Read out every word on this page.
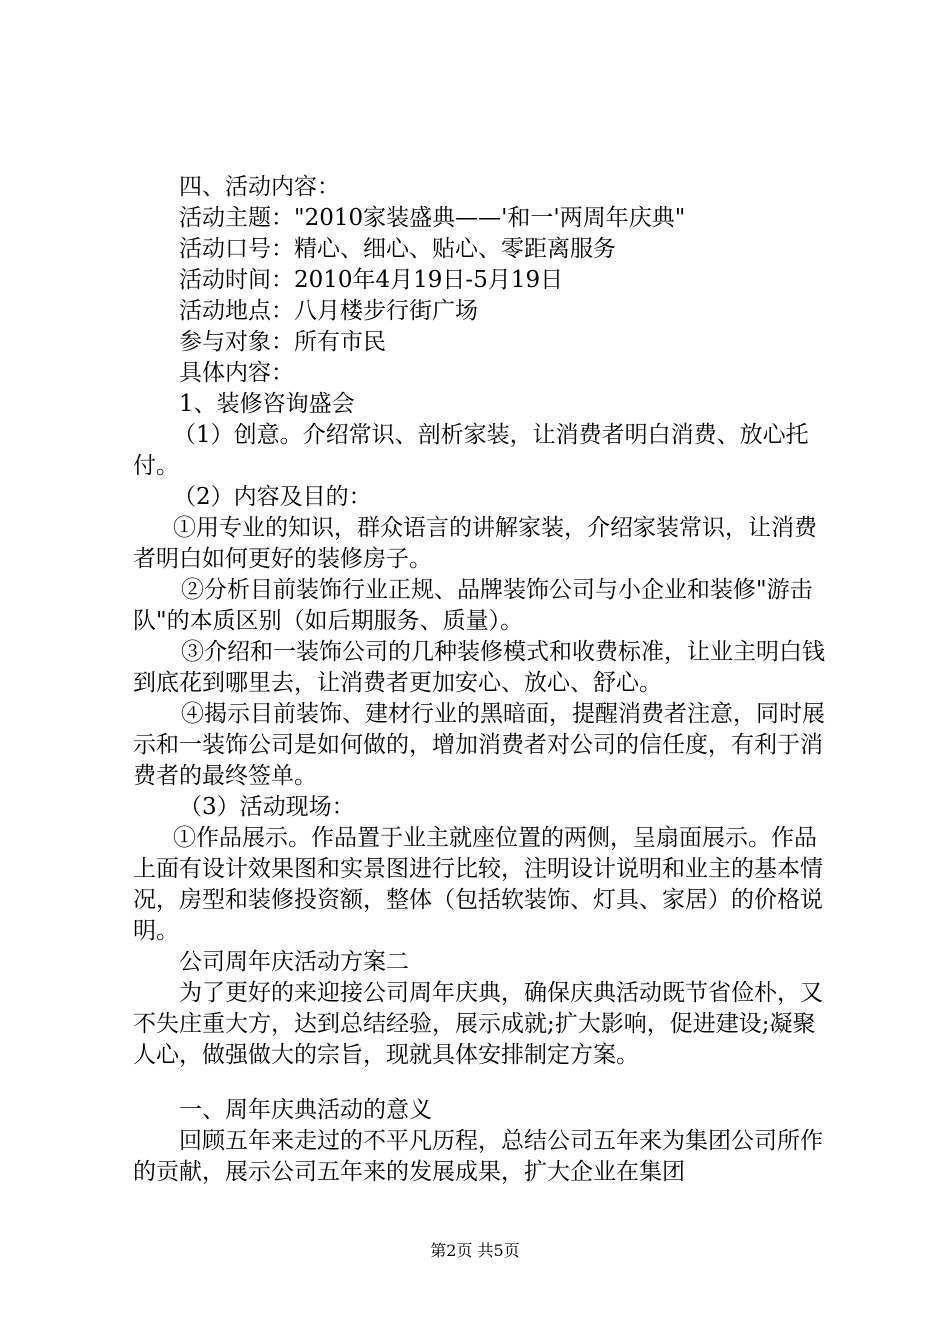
四、活动内容：

活动主题："2010家装盛典——'和一'两周年庆典"

活动口号：精心、细心、贴心、零距离服务

活动时间：2010年4月19日-5月19日

活动地点：八月楼步行街广场

参与对象：所有市民

具体内容：

1、装修咨询盛会

（1）创意。介绍常识、剖析家装，让消费者明白消费、放心托付。

（2）内容及目的：

①用专业的知识，群众语言的讲解家装，介绍家装常识，让消费者明白如何更好的装修房子。

②分析目前装饰行业正规、品牌装饰公司与小企业和装修"游击队"的本质区别（如后期服务、质量）。

③介绍和一装饰公司的几种装修模式和收费标准，让业主明白钱到底花到哪里去，让消费者更加安心、放心、舒心。

④揭示目前装饰、建材行业的黑暗面，提醒消费者注意，同时展示和一装饰公司是如何做的，增加消费者对公司的信任度，有利于消费者的最终签单。

（3）活动现场：

①作品展示。作品置于业主就座位置的两侧，呈扇面展示。作品上面有设计效果图和实景图进行比较，注明设计说明和业主的基本情况，房型和装修投资额，整体（包括软装饰、灯具、家居）的价格说明。

公司周年庆活动方案二

为了更好的来迎接公司周年庆典，确保庆典活动既节省俭朴，又不失庄重大方，达到总结经验，展示成就;扩大影响，促进建设;凝聚人心，做强做大的宗旨，现就具体安排制定方案。

一、周年庆典活动的意义

回顾五年来走过的不平凡历程，总结公司五年来为集团公司所作的贡献，展示公司五年来的发展成果，扩大企业在集团

第2页 共5页
